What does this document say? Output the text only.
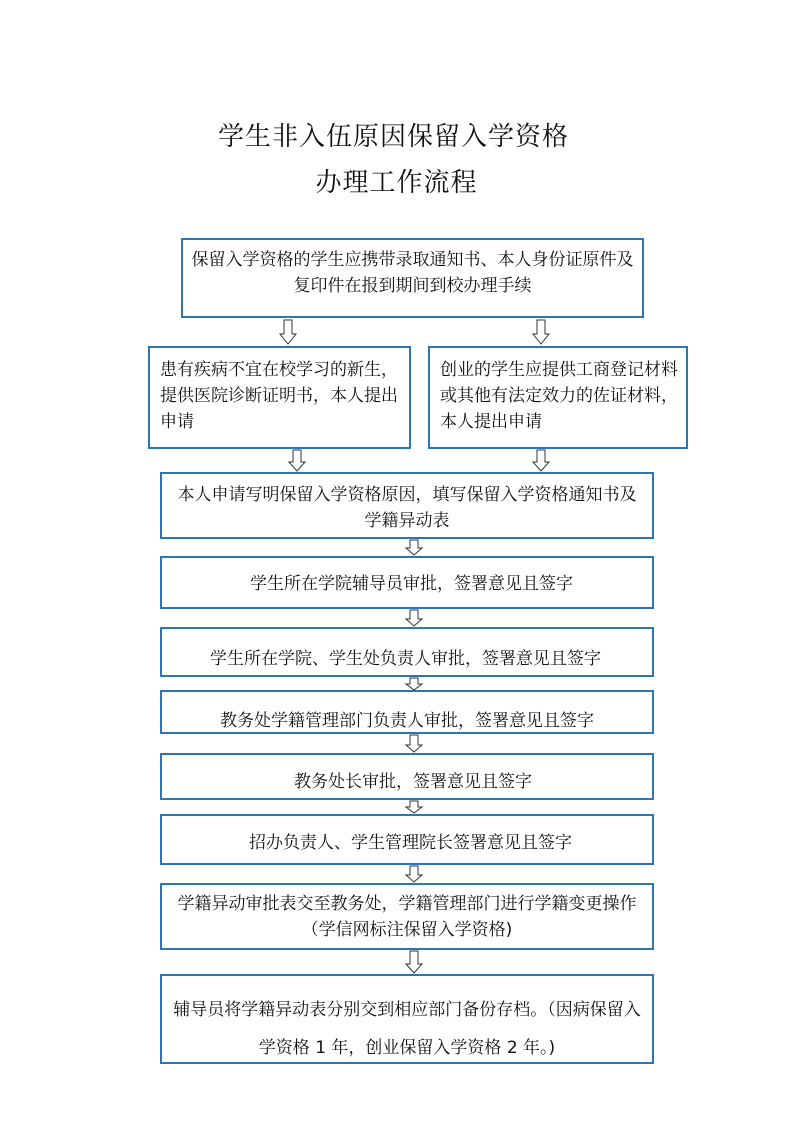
学生非入伍原因保留入学资格
办理工作流程
保留入学资格的学生应携带录取通知书、本人身份证原件及复印件在报到期间到校办理手续
患有疾病不宜在校学习的新生，提供医院诊断证明书，本人提出申请
创业的学生应提供工商登记材料或其他有法定效力的佐证材料，本人提出申请
本人申请写明保留入学资格原因，填写保留入学资格通知书及学籍异动表
学生所在学院辅导员审批，签署意见且签字
学生所在学院、学生处负责人审批，签署意见且签字
教务处学籍管理部门负责人审批，签署意见且签字
教务处长审批，签署意见且签字
招办负责人、学生管理院长签署意见且签字
学籍异动审批表交至教务处，学籍管理部门进行学籍变更操作（学信网标注保留入学资格)
辅导员将学籍异动表分别交到相应部门备份存档。（因病保留入学资格 1 年，创业保留入学资格 2 年。)
